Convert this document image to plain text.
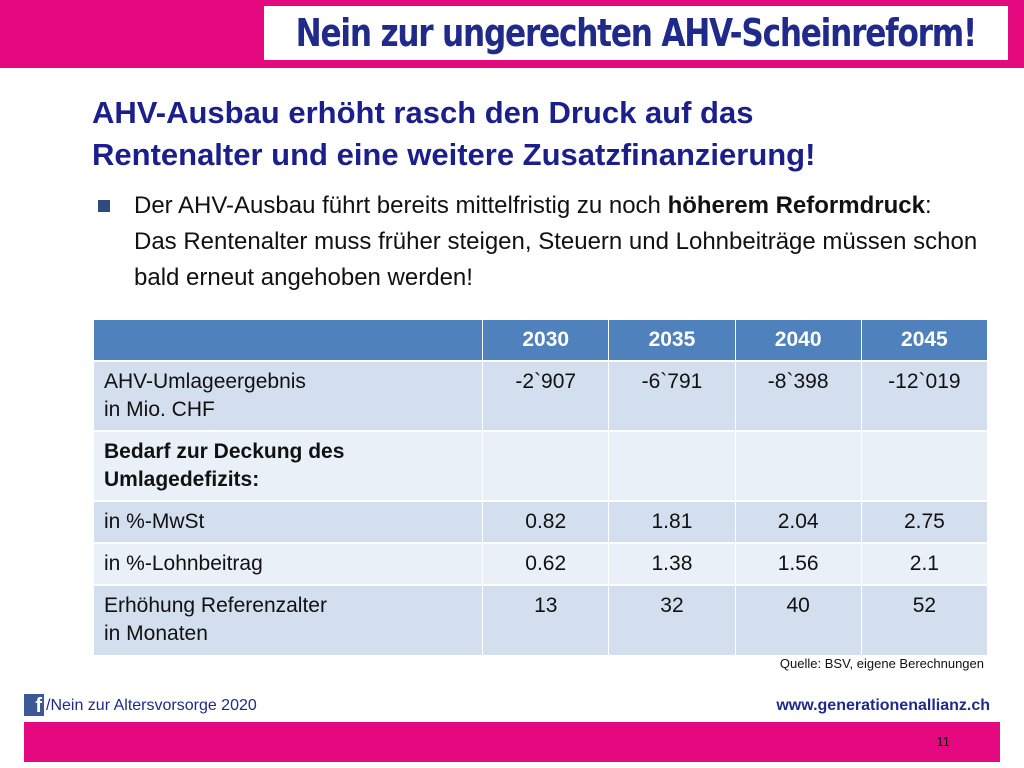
Nein zur ungerechten AHV-Scheinreform!
AHV-Ausbau erhöht rasch den Druck auf das
Rentenalter und eine weitere Zusatzfinanzierung!
Der AHV-Ausbau führt bereits mittelfristig zu noch höherem Reformdruck: Das Rentenalter muss früher steigen, Steuern und Lohnbeiträge müssen schon bald erneut angehoben werden!
	2030	2035	2040	2045

AHV-Umlageergebnis
in Mio. CHF	-2`907	-6`791	-8`398	-12`019

Bedarf zur Deckung des
Umlagedefizits:				

in %-MwSt	0.82	1.81	2.04	2.75
in %-Lohnbeitrag	0.62	1.38	1.56	2.1

Erhöhung Referenzalter
in Monaten	13	32	40	52
Quelle: BSV, eigene Berechnungen
f /Nein zur Altersvorsorge 2020	www.generationenallianz.ch
11
